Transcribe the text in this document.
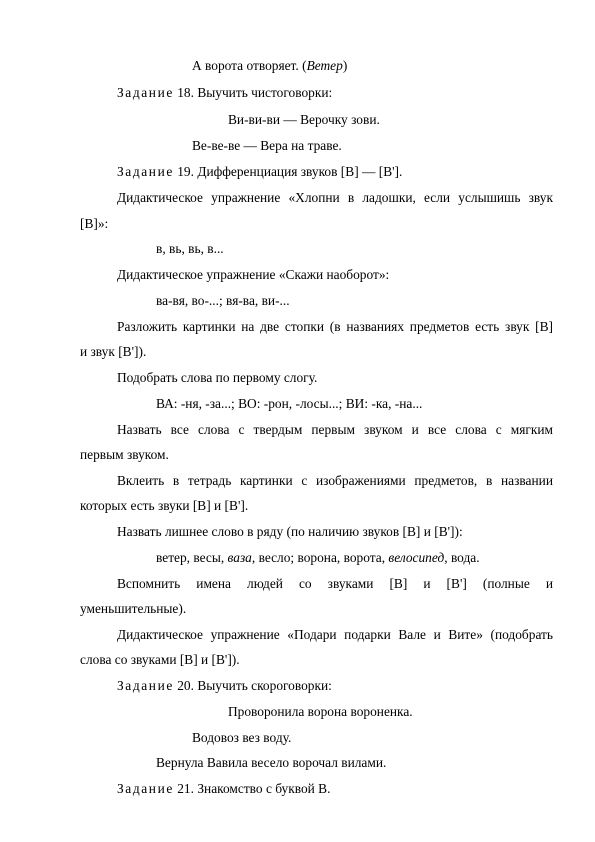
А ворота отворяет. (Ветер)
Задание 18. Выучить чистоговорки:
Ви-ви-ви — Верочку зови.
Ве-ве-ве — Вера на траве.
Задание 19. Дифференциация звуков [В] — [В'].
Дидактическое упражнение «Хлопни в ладошки, если услышишь звук
[В]»:
в, вь, вь, в...
Дидактическое упражнение «Скажи наоборот»:
ва-вя, во-...; вя-ва, ви-...
Разложить картинки на две стопки (в названиях предметов есть звук [В]
и звук [В']).
Подобрать слова по первому слогу.
ВА: -ня, -за...; ВО: -рон, -лосы...; ВИ: -ка, -на...
Назвать все слова с твердым первым звуком и все слова с мягким
первым звуком.
Вклеить в тетрадь картинки с изображениями предметов, в названии
которых есть звуки [В] и [В'].
Назвать лишнее слово в ряду (по наличию звуков [В] и [В']):
ветер, весы, ваза, весло; ворона, ворота, велосипед, вода.
Вспомнить имена людей со звуками [В] и [В'] (полные и
уменьшительные).
Дидактическое упражнение «Подари подарки Вале и Вите» (подобрать
слова со звуками [В] и [В']).
Задание 20. Выучить скороговорки:
Проворонила ворона вороненка.
Водовоз вез воду.
Вернула Вавила весело ворочал вилами.
Задание 21. Знакомство с буквой В.
